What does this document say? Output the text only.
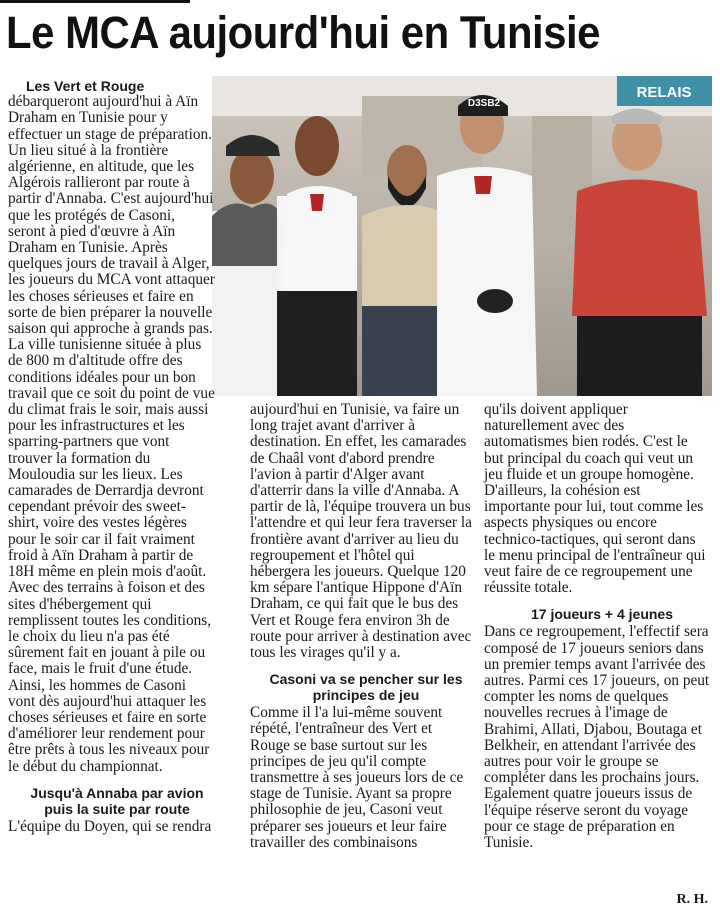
Le MCA aujourd'hui en Tunisie
RELAIS
D3SB2
Les Vert et Rouge
débarqueront aujourd'hui à Aïn Draham en Tunisie pour y effectuer un stage de préparation. Un lieu situé à la frontière algérienne, en altitude, que les Algérois rallieront par route à partir d'Annaba. C'est aujourd'hui que les protégés de Casoni, seront à pied d'œuvre à Aïn Draham en Tunisie. Après quelques jours de travail à Alger, les joueurs du MCA vont attaquer les choses sérieuses et faire en sorte de bien préparer la nouvelle saison qui approche à grands pas. La ville tunisienne située à plus de 800 m d'altitude offre des conditions idéales pour un bon travail que ce soit du point de vue du climat frais le soir, mais aussi pour les infrastructures et les sparring-partners que vont trouver la formation du Mouloudia sur les lieux. Les camarades de Derrardja devront cependant prévoir des sweet-shirt, voire des vestes légères pour le soir car il fait vraiment froid à Aïn Draham à partir de 18H même en plein mois d'août. Avec des terrains à foison et des sites d'hébergement qui remplissent toutes les conditions, le choix du lieu n'a pas été sûrement fait en jouant à pile ou face, mais le fruit d'une étude. Ainsi, les hommes de Casoni vont dès aujourd'hui attaquer les choses sérieuses et faire en sorte d'améliorer leur rendement pour être prêts à tous les niveaux pour le début du championnat.
Jusqu'à Annaba par avion puis la suite par route
L'équipe du Doyen, qui se rendra
aujourd'hui en Tunisie, va faire un long trajet avant d'arriver à destination. En effet, les camarades de Chaâl vont d'abord prendre l'avion à partir d'Alger avant d'atterrir dans la ville d'Annaba. A partir de là, l'équipe trouvera un bus l'attendre et qui leur fera traverser la frontière avant d'arriver au lieu du regroupement et l'hôtel qui hébergera les joueurs. Quelque 120 km sépare l'antique Hippone d'Aïn Draham, ce qui fait que le bus des Vert et Rouge fera environ 3h de route pour arriver à destination avec tous les virages qu'il y a.
Casoni va se pencher sur les principes de jeu
Comme il l'a lui-même souvent répété, l'entraîneur des Vert et Rouge se base surtout sur les principes de jeu qu'il compte transmettre à ses joueurs lors de ce stage de Tunisie. Ayant sa propre philosophie de jeu, Casoni veut préparer ses joueurs et leur faire travailler des combinaisons
qu'ils doivent appliquer naturellement avec des automatismes bien rodés. C'est le but principal du coach qui veut un jeu fluide et un groupe homogène. D'ailleurs, la cohésion est importante pour lui, tout comme les aspects physiques ou encore technico-tactiques, qui seront dans le menu principal de l'entraîneur qui veut faire de ce regroupement une réussite totale.
17 joueurs + 4 jeunes
Dans ce regroupement, l'effectif sera composé de 17 joueurs seniors dans un premier temps avant l'arrivée des autres. Parmi ces 17 joueurs, on peut compter les noms de quelques nouvelles recrues à l'image de Brahimi, Allati, Djabou, Boutaga et Belkheir, en attendant l'arrivée des autres pour voir le groupe se compléter dans les prochains jours. Egalement quatre joueurs issus de l'équipe réserve seront du voyage pour ce stage de préparation en Tunisie.
R. H.
